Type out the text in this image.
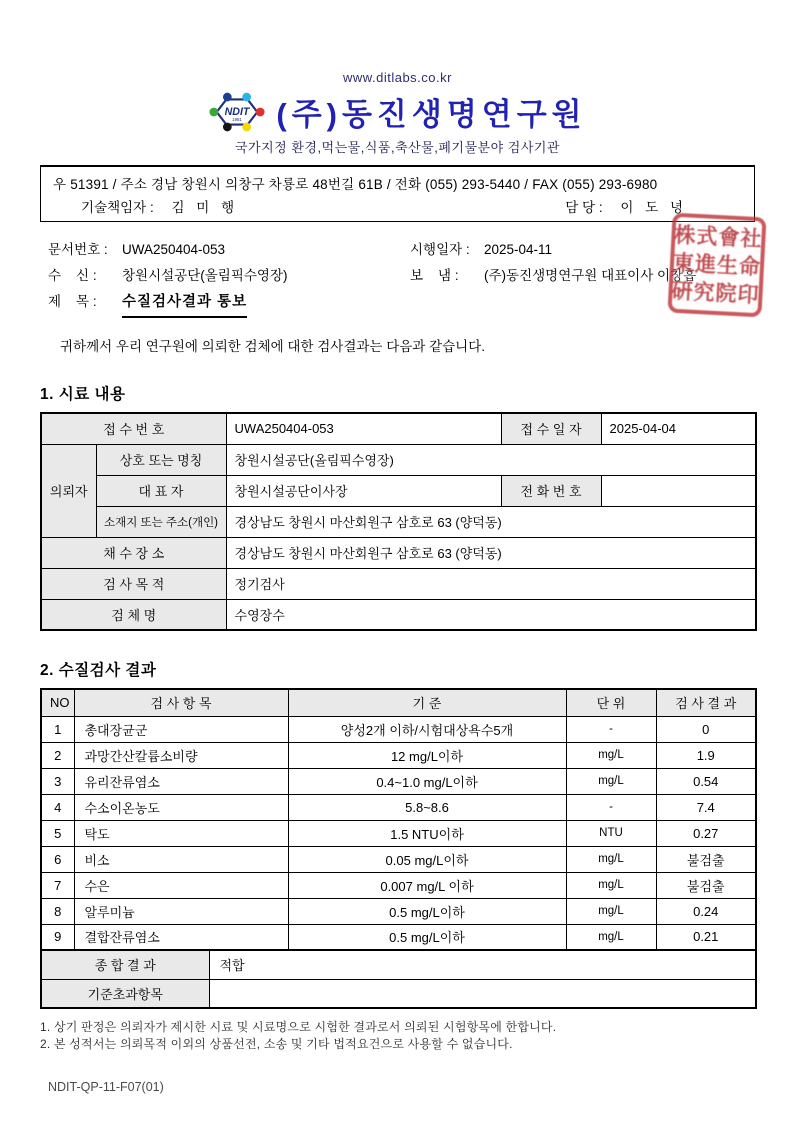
www.ditlabs.co.kr
NDIT
1981 (주)동진생명연구원
국가지정 환경,먹는물,식품,축산물,폐기물분야 검사기관
우 51391 / 주소 경남 창원시 의창구 차룡로 48번길 61B / 전화 (055) 293-5440 / FAX (055) 293-6980
기술책임자 : 김 미 행	담 당 : 이 도 녕
문서번호 :	UWA250404-053	시행일자 :	2025-04-11
수    신 :	창원시설공단(올림픽수영장)	보    냄 :	(주)동진생명연구원 대표이사 이창흡
제    목 :	수질검사결과 통보
株式會社
東進生命
硏究院印
귀하께서 우리 연구원에 의뢰한 검체에 대한 검사결과는 다음과 같습니다.
1. 시료 내용
접 수 번 호		UWA250404-053	접 수 일 자	2025-04-04
의뢰자	상호 또는 명칭	창원시설공단(올림픽수영장)		
	대 표 자	창원시설공단이사장	전 화 번 호	
	소재지 또는 주소(개인)	경상남도 창원시 마산회원구 삼호로 63 (양덕동)		
채 수 장 소		경상남도 창원시 마산회원구 삼호로 63 (양덕동)		
검 사 목 적		정기검사		
검 체 명		수영장수		
2. 수질검사 결과
NO	검 사 항 목	기 준	단 위	검 사 결 과
1	총대장균군	양성2개 이하/시험대상욕수5개	-	0
2	과망간산칼륨소비량	12 mg/L이하	mg/L	1.9
3	유리잔류염소	0.4~1.0 mg/L이하	mg/L	0.54
4	수소이온농도	5.8~8.6	-	7.4
5	탁도	1.5 NTU이하	NTU	0.27
6	비소	0.05 mg/L이하	mg/L	불검출
7	수은	0.007 mg/L 이하	mg/L	불검출
8	알루미늄	0.5 mg/L이하	mg/L	0.24
9	결합잔류염소	0.5 mg/L이하	mg/L	0.21
종 합 결 과	적합
기준초과항목	
1. 상기 판정은 의뢰자가 제시한 시료 및 시료명으로 시험한 결과로서 의뢰된 시험항목에 한합니다.
2. 본 성적서는 의뢰목적 이외의 상품선전, 소송 및 기타 법적요건으로 사용할 수 없습니다.
NDIT-QP-11-F07(01)
